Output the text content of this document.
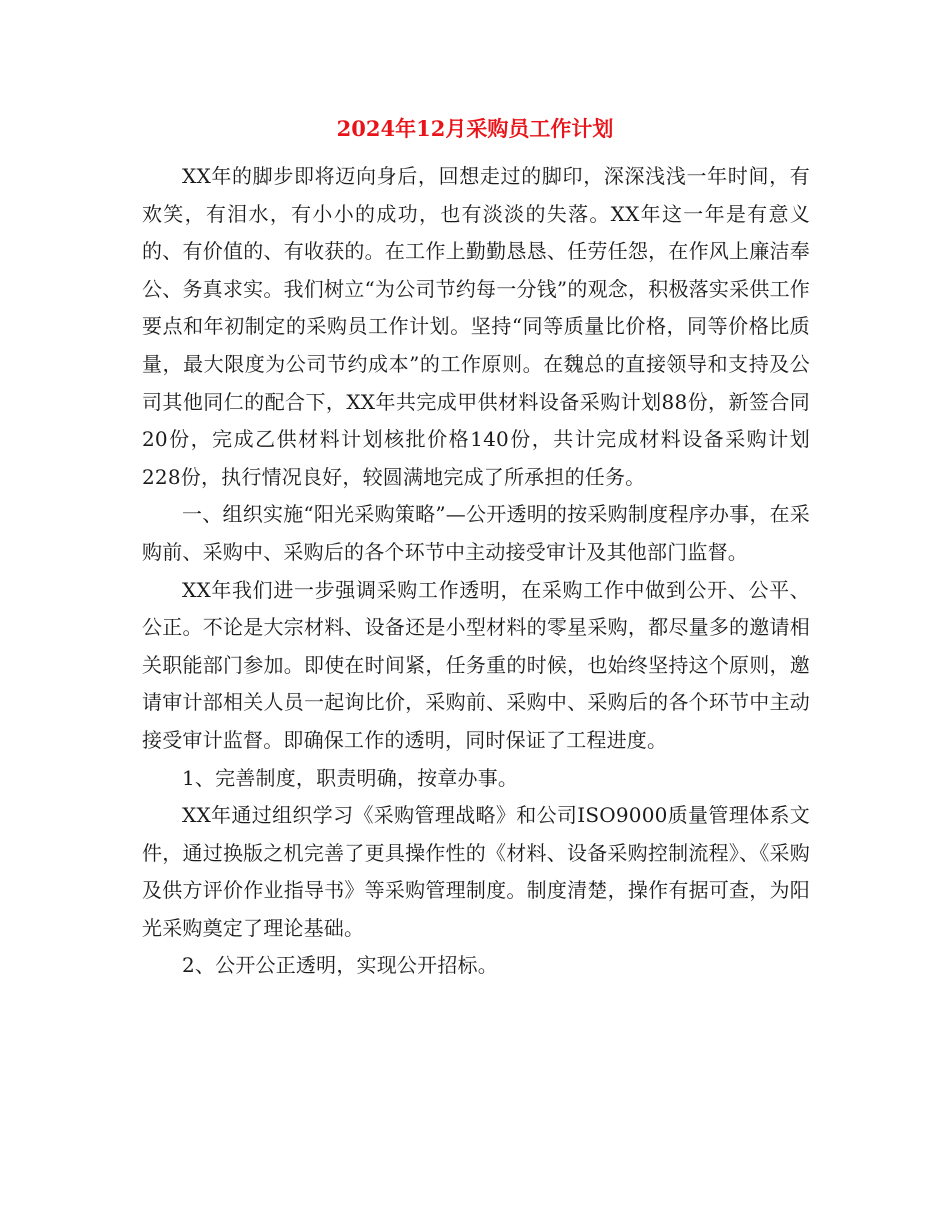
2024年12月采购员工作计划

XX年的脚步即将迈向身后，回想走过的脚印，深深浅浅一年时间，有欢笑，有泪水，有小小的成功，也有淡淡的失落。XX年这一年是有意义的、有价值的、有收获的。在工作上勤勤恳恳、任劳任怨，在作风上廉洁奉公、务真求实。我们树立“为公司节约每一分钱”的观念，积极落实采供工作要点和年初制定的采购员工作计划。坚持“同等质量比价格，同等价格比质量，最大限度为公司节约成本”的工作原则。在魏总的直接领导和支持及公司其他同仁的配合下，XX年共完成甲供材料设备采购计划88份，新签合同20份，完成乙供材料计划核批价格140份，共计完成材料设备采购计划228份，执行情况良好，较圆满地完成了所承担的任务。

一、组织实施“阳光采购策略”—公开透明的按采购制度程序办事，在采购前、采购中、采购后的各个环节中主动接受审计及其他部门监督。

XX年我们进一步强调采购工作透明，在采购工作中做到公开、公平、公正。不论是大宗材料、设备还是小型材料的零星采购，都尽量多的邀请相关职能部门参加。即使在时间紧，任务重的时候，也始终坚持这个原则，邀请审计部相关人员一起询比价，采购前、采购中、采购后的各个环节中主动接受审计监督。即确保工作的透明，同时保证了工程进度。

1、完善制度，职责明确，按章办事。

XX年通过组织学习《采购管理战略》和公司ISO9000质量管理体系文件，通过换版之机完善了更具操作性的《材料、设备采购控制流程》、《采购及供方评价作业指导书》等采购管理制度。制度清楚，操作有据可查，为阳光采购奠定了理论基础。

2、公开公正透明，实现公开招标。
